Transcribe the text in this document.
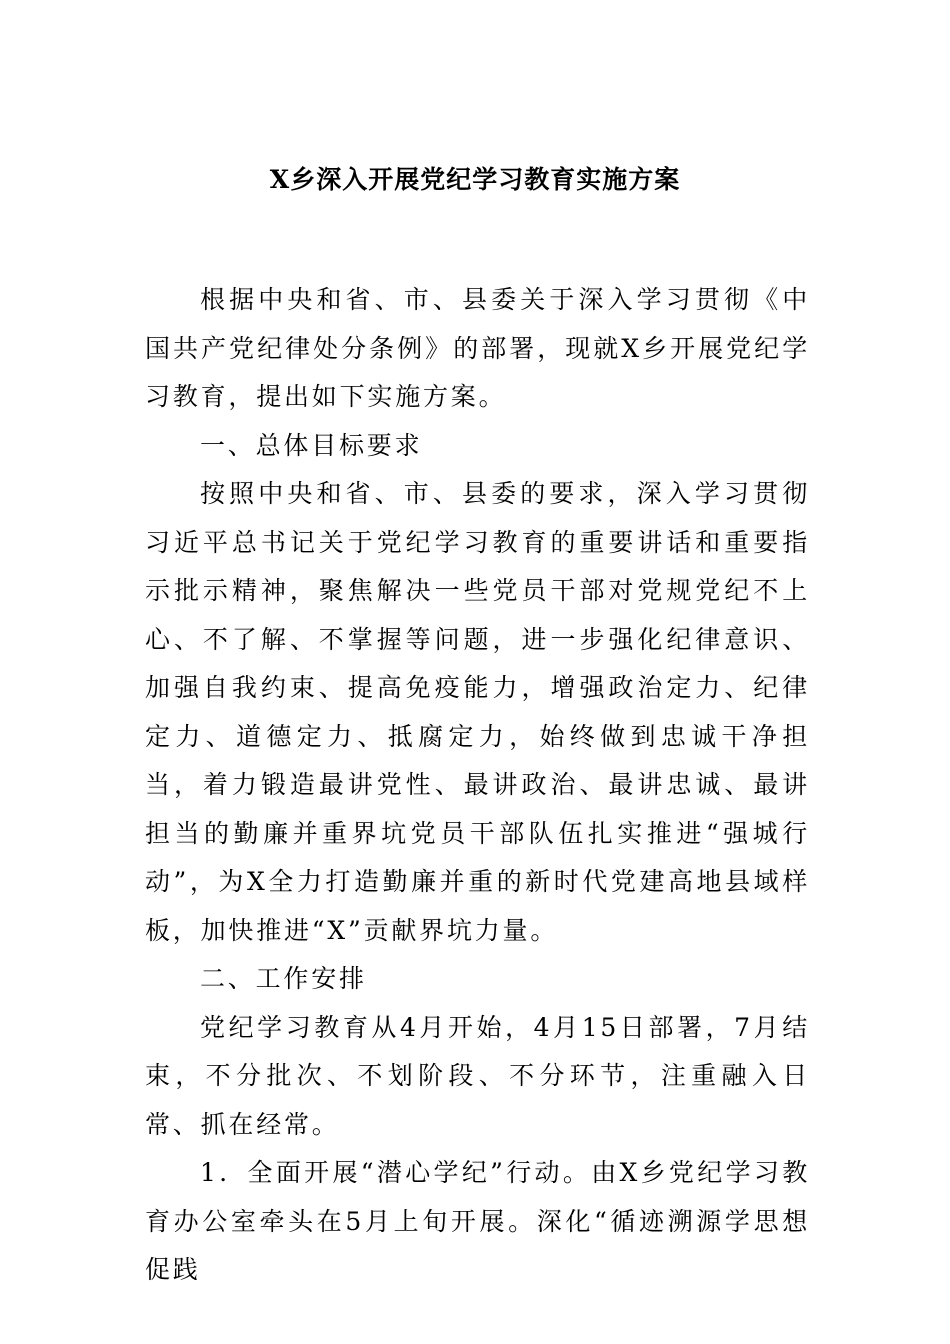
X乡深入开展党纪学习教育实施方案

根据中央和省、市、县委关于深入学习贯彻《中国共产党纪律处分条例》的部署，现就X乡开展党纪学习教育，提出如下实施方案。

一、总体目标要求

按照中央和省、市、县委的要求，深入学习贯彻习近平总书记关于党纪学习教育的重要讲话和重要指示批示精神，聚焦解决一些党员干部对党规党纪不上心、不了解、不掌握等问题，进一步强化纪律意识、加强自我约束、提高免疫能力，增强政治定力、纪律定力、道德定力、抵腐定力，始终做到忠诚干净担当，着力锻造最讲党性、最讲政治、最讲忠诚、最讲担当的勤廉并重界坑党员干部队伍扎实推进“强城行动”，为X全力打造勤廉并重的新时代党建高地县域样板，加快推进“X”贡献界坑力量。

二、工作安排

党纪学习教育从4月开始，4月15日部署，7月结束，不分批次、不划阶段、不分环节，注重融入日常、抓在经常。

1．全面开展“潜心学纪”行动。由X乡党纪学习教育办公室牵头在5月上旬开展。深化“循迹溯源学思想促践
